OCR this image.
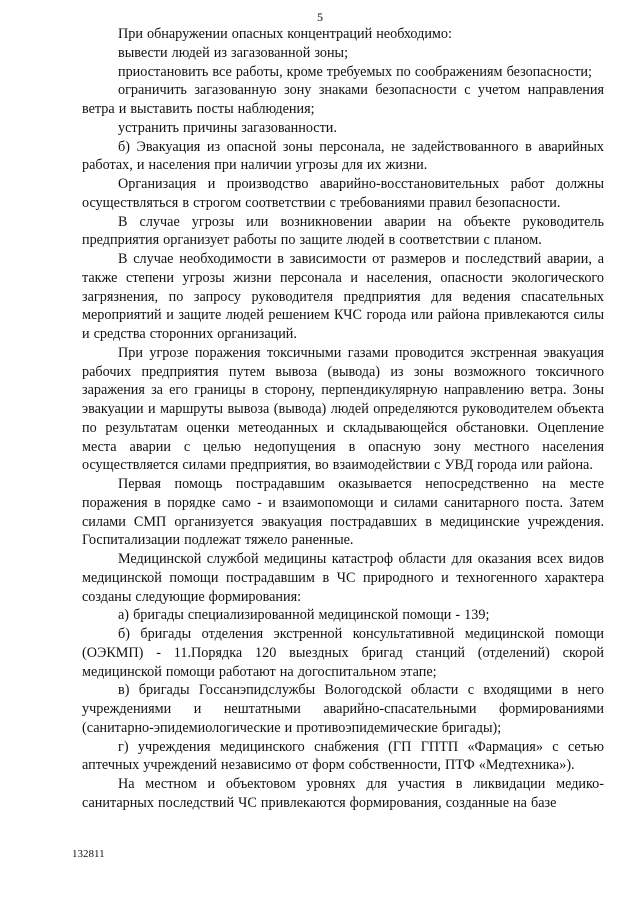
5

При обнаружении опасных концентраций необходимо:

вывести людей из загазованной зоны;

приостановить все работы, кроме требуемых по соображениям безопасности;

ограничить загазованную зону знаками безопасности с учетом направления ветра и выставить посты наблюдения;

устранить причины загазованности.

б) Эвакуация из опасной зоны персонала, не задействованного в аварийных работах, и населения при наличии угрозы для их жизни.

Организация и производство аварийно-восстановительных работ должны осуществляться в строгом соответствии с требованиями правил безопасности.

В случае угрозы или возникновении аварии на объекте руководитель предприятия организует работы по защите людей в соответствии с планом.

В случае необходимости в зависимости от размеров и последствий аварии, а также степени угрозы жизни персонала и населения, опасности экологического загрязнения, по запросу руководителя предприятия для ведения спасательных мероприятий и защите людей решением КЧС города или района привлекаются силы и средства сторонних организаций.

При угрозе поражения токсичными газами проводится экстренная эвакуация рабочих предприятия путем вывоза (вывода) из зоны возможного токсичного заражения за его границы в сторону, перпендикулярную направлению ветра. Зоны эвакуации и маршруты вывоза (вывода) людей определяются руководителем объекта по результатам оценки метеоданных и складывающейся обстановки. Оцепление места аварии с целью недопущения в опасную зону местного населения осуществляется силами предприятия, во взаимодействии с УВД города или района.

Первая помощь пострадавшим оказывается непосредственно на месте поражения в порядке само - и взаимопомощи и силами санитарного поста. Затем силами СМП организуется эвакуация пострадавших в медицинские учреждения. Госпитализации подлежат тяжело раненные.

Медицинской службой медицины катастроф области для оказания всех видов медицинской помощи пострадавшим в ЧС природного и техногенного характера созданы следующие формирования:

а) бригады специализированной медицинской помощи - 139;

б) бригады отделения экстренной консультативной медицинской помощи (ОЭКМП) - 11.Порядка 120 выездных бригад станций (отделений) скорой медицинской помощи работают на догоспитальном этапе;

в) бригады Госсанэпидслужбы Вологодской области с входящими в него учреждениями и нештатными аварийно-спасательными формированиями (санитарно-эпидемиологические и противоэпидемические бригады);

г) учреждения медицинского снабжения (ГП ГПТП «Фармация» с сетью аптечных учреждений независимо от форм собственности, ПТФ «Медтехника»).

На местном и объектовом уровнях для участия в ликвидации медико-санитарных последствий ЧС привлекаются формирования, созданные на базе

132811
